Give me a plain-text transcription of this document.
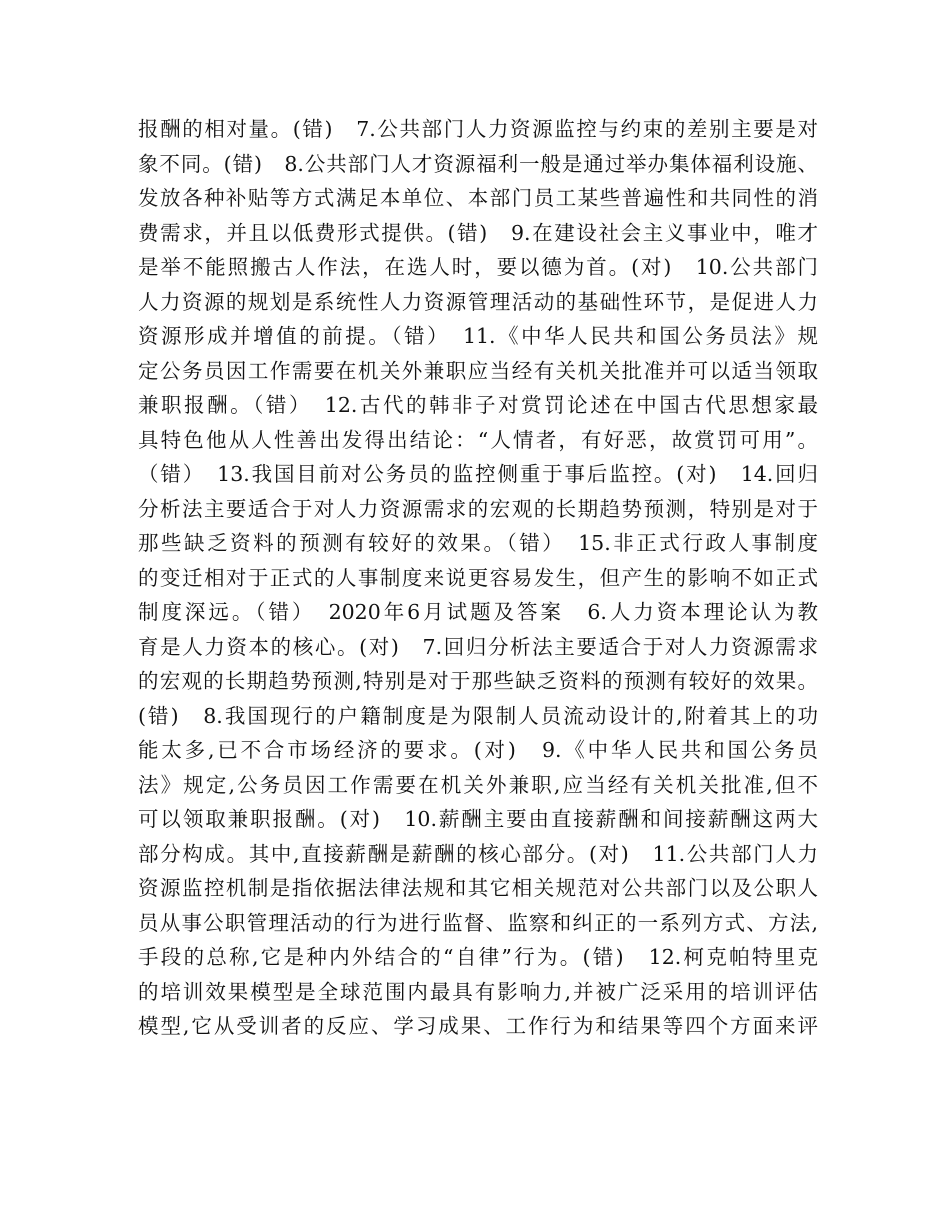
报酬的相对量。(错)　7.公共部门人力资源监控与约束的差别主要是对
象不同。(错)　8.公共部门人才资源福利一般是通过举办集体福利设施、
发放各种补贴等方式满足本单位、本部门员工某些普遍性和共同性的消
费需求，并且以低费形式提供。(错)　9.在建设社会主义事业中，唯才
是举不能照搬古人作法，在选人时，要以德为首。(对)　10.公共部门
人力资源的规划是系统性人力资源管理活动的基础性环节，是促进人力
资源形成并增值的前提。（错）　11.《中华人民共和国公务员法》规
定公务员因工作需要在机关外兼职应当经有关机关批准并可以适当领取
兼职报酬。（错）　12.古代的韩非子对赏罚论述在中国古代思想家最
具特色他从人性善出发得出结论：“人情者，有好恶，故赏罚可用”。
（错）　13.我国目前对公务员的监控侧重于事后监控。(对)　14.回归
分析法主要适合于对人力资源需求的宏观的长期趋势预测，特别是对于
那些缺乏资料的预测有较好的效果。（错）　15.非正式行政人事制度
的变迁相对于正式的人事制度来说更容易发生，但产生的影响不如正式
制度深远。（错）　2020年6月试题及答案　6.人力资本理论认为教
育是人力资本的核心。(对)　7.回归分析法主要适合于对人力资源需求
的宏观的长期趋势预测,特别是对于那些缺乏资料的预测有较好的效果。
(错)　8.我国现行的户籍制度是为限制人员流动设计的,附着其上的功
能太多,已不合市场经济的要求。(对)　9.《中华人民共和国公务员
法》规定,公务员因工作需要在机关外兼职,应当经有关机关批准,但不
可以领取兼职报酬。(对)　10.薪酬主要由直接薪酬和间接薪酬这两大
部分构成。其中,直接薪酬是薪酬的核心部分。(对)　11.公共部门人力
资源监控机制是指依据法律法规和其它相关规范对公共部门以及公职人
员从事公职管理活动的行为进行监督、监察和纠正的一系列方式、方法,
手段的总称,它是种内外结合的“自律”行为。(错)　12.柯克帕特里克
的培训效果模型是全球范围内最具有影响力,并被广泛采用的培训评估
模型,它从受训者的反应、学习成果、工作行为和结果等四个方面来评
